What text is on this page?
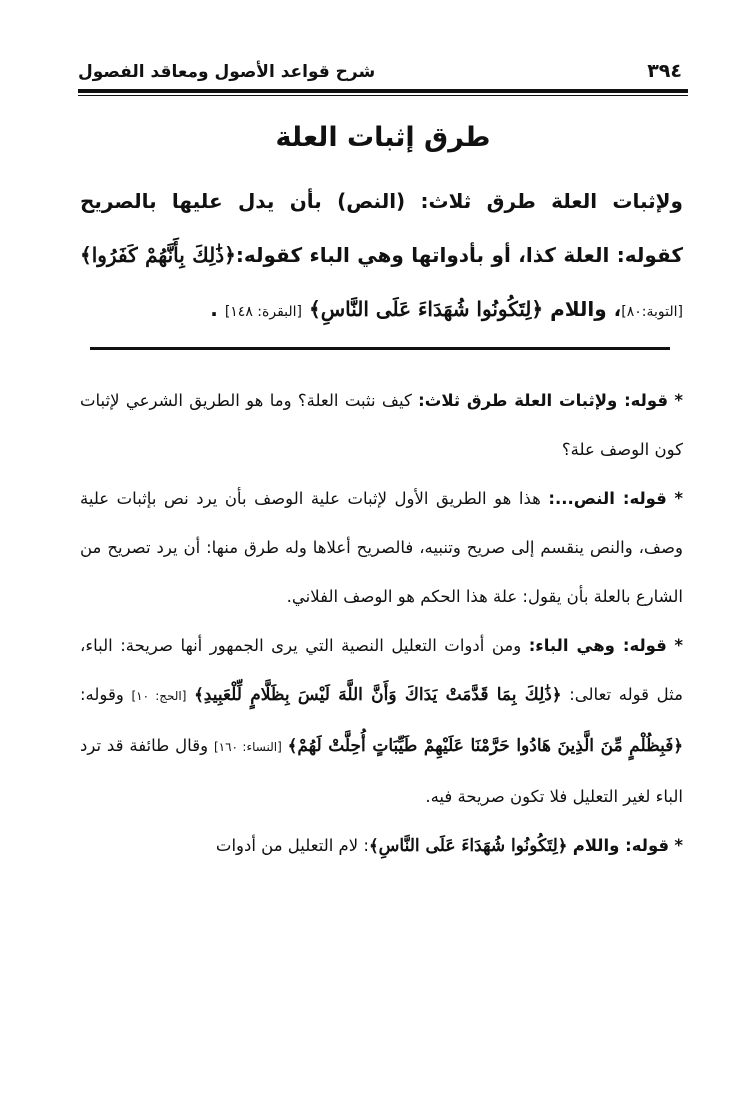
شرح قواعد الأصول ومعاقد الفصول	٣٩٤
طرق إثبات العلة
ولإثبات العلة طرق ثلاث: (النص) بأن يدل عليها بالصريح كقوله: العلة كذا، أو بأدواتها وهي الباء كقوله:﴿ذَٰلِكَ بِأَنَّهُمْ كَفَرُوا﴾ [التوبة:٨٠]، واللام ﴿لِتَكُونُوا شُهَدَاءَ عَلَى النَّاسِ﴾ [البقرة: ١٤٨] .

* قوله: ولإثبات العلة طرق ثلاث: كيف نثبت العلة؟ وما هو الطريق الشرعي لإثبات كون الوصف علة؟

* قوله: النص...: هذا هو الطريق الأول لإثبات علية الوصف بأن يرد نص بإثبات علية وصف، والنص ينقسم إلى صريح وتنبيه، فالصريح أعلاها وله طرق منها: أن يرد تصريح من الشارع بالعلة بأن يقول: علة هذا الحكم هو الوصف الفلاني.

* قوله: وهي الباء: ومن أدوات التعليل النصية التي يرى الجمهور أنها صريحة: الباء، مثل قوله تعالى: ﴿ذَٰلِكَ بِمَا قَدَّمَتْ يَدَاكَ وَأَنَّ اللَّهَ لَيْسَ بِظَلَّامٍ لِّلْعَبِيدِ﴾ [الحج: ١٠] وقوله: ﴿فَبِظُلْمٍ مِّنَ الَّذِينَ هَادُوا حَرَّمْنَا عَلَيْهِمْ طَيِّبَاتٍ أُحِلَّتْ لَهُمْ﴾ [النساء: ١٦٠] وقال طائفة قد ترد الباء لغير التعليل فلا تكون صريحة فيه.

* قوله: واللام ﴿لِتَكُونُوا شُهَدَاءَ عَلَى النَّاسِ﴾: لام التعليل من أدوات
